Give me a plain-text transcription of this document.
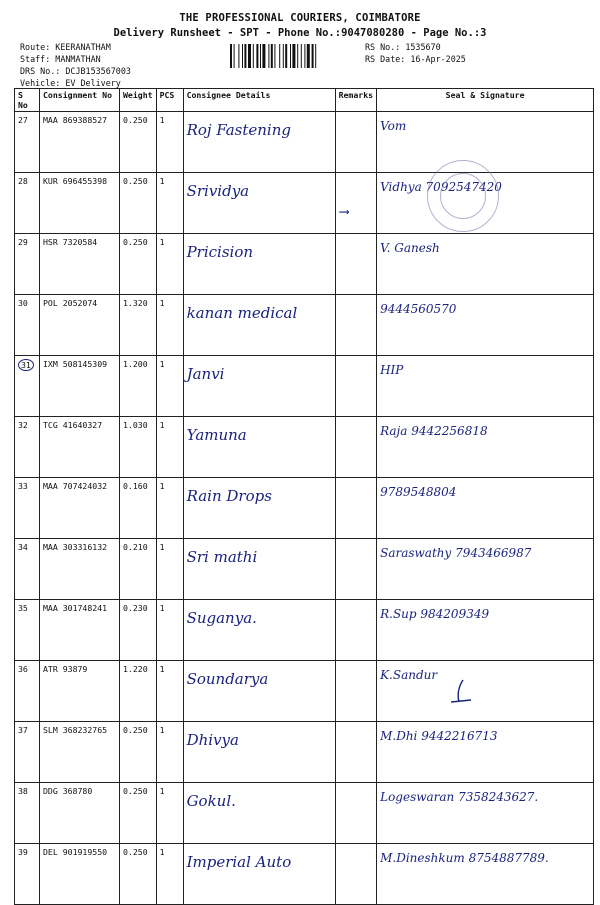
THE PROFESSIONAL COURIERS, COIMBATORE
Delivery Runsheet - SPT - Phone No.:9047080280 - Page No.:3
Route: KEERANATHAM
Staff: MANMATHAN
DRS No.: DCJB153567003
Vehicle: EV Delivery
RS No.: 1535670
RS Date: 16-Apr-2025
S No	Consignment No	Weight	PCS	Consignee Details	Remarks	Seal & Signature
27	MAA 869388527	0.250	1	Roj Fastening		Vom

28	KUR 696455398	0.250	1	Srividya		Vidhya 7092547420

29	HSR 7320584	0.250	1	Pricision		V. Ganesh

30	POL 2052074	1.320	1	kanan medical		9444560570

31	IXM 508145309	1.200	1	Janvi		HIP

32	TCG 41640327	1.030	1	Yamuna		Raja 9442256818

33	MAA 707424032	0.160	1	Rain Drops		9789548804

34	MAA 303316132	0.210	1	Sri mathi		Saraswathy 7943466987

35	MAA 301748241	0.230	1	Suganya.		R.Sup 984209349

36	ATR 93879	1.220	1	Soundarya		K.Sandur

37	SLM 368232765	0.250	1	Dhivya		M.Dhi 9442216713

38	DDG 368780	0.250	1	Gokul.		Logeswaran 7358243627.

39	DEL 901919550	0.250	1	Imperial Auto		M.Dineshkum 8754887789.
⟶
